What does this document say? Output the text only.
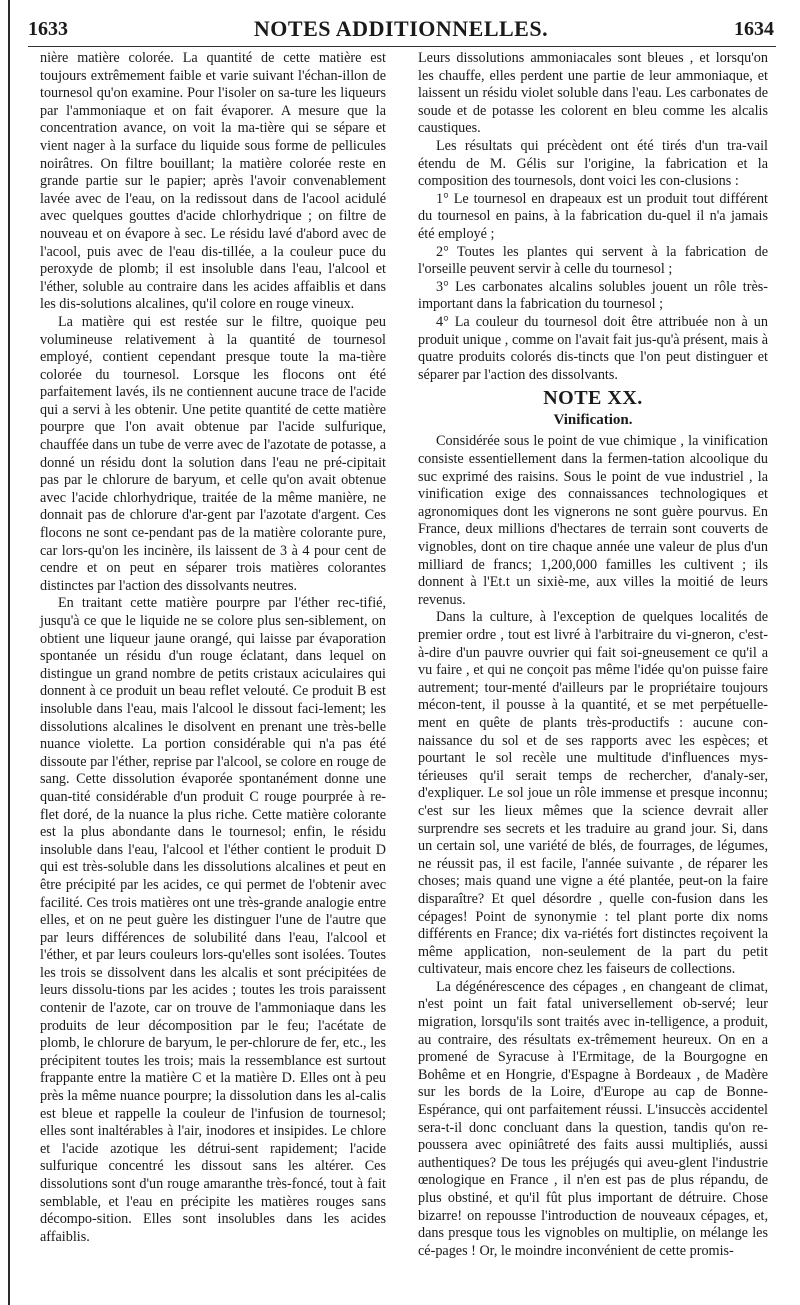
1633	NOTES ADDITIONNELLES.	1634

nière matière colorée. La quantité de cette matière est toujours extrêmement faible et varie suivant l'échan-illon de tournesol qu'on examine. Pour l'isoler on sa-ture les liqueurs par l'ammoniaque et on fait évaporer. A mesure que la concentration avance, on voit la ma-tière qui se sépare et vient nager à la surface du liquide sous forme de pellicules noirâtres. On filtre bouillant; la matière colorée reste en grande partie sur le papier; après l'avoir convenablement lavée avec de l'eau, on la redissout dans de l'acool acidulé avec quelques gouttes d'acide chlorhydrique ; on filtre de nouveau et on évapore à sec. Le résidu lavé d'abord avec de l'acool, puis avec de l'eau dis-tillée, a la couleur puce du peroxyde de plomb; il est insoluble dans l'eau, l'alcool et l'éther, soluble au contraire dans les acides affaiblis et dans les dis-solutions alcalines, qu'il colore en rouge vineux.

La matière qui est restée sur le filtre, quoique peu volumineuse relativement à la quantité de tournesol employé, contient cependant presque toute la ma-tière colorée du tournesol. Lorsque les flocons ont été parfaitement lavés, ils ne contiennent aucune trace de l'acide qui a servi à les obtenir. Une petite quantité de cette matière pourpre que l'on avait obtenue par l'acide sulfurique, chauffée dans un tube de verre avec de l'azotate de potasse, a donné un résidu dont la solution dans l'eau ne pré-cipitait pas par le chlorure de baryum, et celle qu'on avait obtenue avec l'acide chlorhydrique, traitée de la même manière, ne donnait pas de chlorure d'ar-gent par l'azotate d'argent. Ces flocons ne sont ce-pendant pas de la matière colorante pure, car lors-qu'on les incinère, ils laissent de 3 à 4 pour cent de cendre et on peut en séparer trois matières colorantes distinctes par l'action des dissolvants neutres.

En traitant cette matière pourpre par l'éther rec-tifié, jusqu'à ce que le liquide ne se colore plus sen-siblement, on obtient une liqueur jaune orangé, qui laisse par évaporation spontanée un résidu d'un rouge éclatant, dans lequel on distingue un grand nombre de petits cristaux aciculaires qui donnent à ce produit un beau reflet velouté. Ce produit B est insoluble dans l'eau, mais l'alcool le dissout faci-lement; les dissolutions alcalines le disolvent en prenant une très-belle nuance violette. La portion considérable qui n'a pas été dissoute par l'éther, reprise par l'alcool, se colore en rouge de sang. Cette dissolution évaporée spontanément donne une quan-tité considérable d'un produit C rouge pourprée à re-flet doré, de la nuance la plus riche. Cette matière colorante est la plus abondante dans le tournesol; enfin, le résidu insoluble dans l'eau, l'alcool et l'éther contient le produit D qui est très-soluble dans les dissolutions alcalines et peut en être précipité par les acides, ce qui permet de l'obtenir avec facilité. Ces trois matières ont une très-grande analogie entre elles, et on ne peut guère les distinguer l'une de l'autre que par leurs différences de solubilité dans l'eau, l'alcool et l'éther, et par leurs couleurs lors-qu'elles sont isolées. Toutes les trois se dissolvent dans les alcalis et sont précipitées de leurs dissolu-tions par les acides ; toutes les trois paraissent contenir de l'azote, car on trouve de l'ammoniaque dans les produits de leur décomposition par le feu; l'acétate de plomb, le chlorure de baryum, le per-chlorure de fer, etc., les précipitent toutes les trois; mais la ressemblance est surtout frappante entre la matière C et la matière D. Elles ont à peu près la même nuance pourpre; la dissolution dans les al-calis est bleue et rappelle la couleur de l'infusion de tournesol; elles sont inaltérables à l'air, inodores et insipides. Le chlore et l'acide azotique les détrui-sent rapidement; l'acide sulfurique concentré les dissout sans les altérer. Ces dissolutions sont d'un rouge amaranthe très-foncé, tout à fait semblable, et l'eau en précipite les matières rouges sans décompo-sition. Elles sont insolubles dans les acides affaiblis.

Leurs dissolutions ammoniacales sont bleues , et lorsqu'on les chauffe, elles perdent une partie de leur ammoniaque, et laissent un résidu violet soluble dans l'eau. Les carbonates de soude et de potasse les colorent en bleu comme les alcalis caustiques.

Les résultats qui précèdent ont été tirés d'un tra-vail étendu de M. Gélis sur l'origine, la fabrication et la composition des tournesols, dont voici les con-clusions :

1° Le tournesol en drapeaux est un produit tout différent du tournesol en pains, à la fabrication du-quel il n'a jamais été employé ;

2° Toutes les plantes qui servent à la fabrication de l'orseille peuvent servir à celle du tournesol ;

3° Les carbonates alcalins solubles jouent un rôle très-important dans la fabrication du tournesol ;

4° La couleur du tournesol doit être attribuée non à un produit unique , comme on l'avait fait jus-qu'à présent, mais à quatre produits colorés dis-tincts que l'on peut distinguer et séparer par l'action des dissolvants.

NOTE XX.
Vinification.

Considérée sous le point de vue chimique , la vinification consiste essentiellement dans la fermen-tation alcoolique du suc exprimé des raisins. Sous le point de vue industriel , la vinification exige des connaissances technologiques et agronomiques dont les vignerons ne sont guère pourvus. En France, deux millions d'hectares de terrain sont couverts de vignobles, dont on tire chaque année une valeur de plus d'un milliard de francs; 1,200,000 familles les cultivent ; ils donnent à l'Et.t un sixiè-me, aux villes la moitié de leurs revenus.

Dans la culture, à l'exception de quelques localités de premier ordre , tout est livré à l'arbitraire du vi-gneron, c'est-à-dire d'un pauvre ouvrier qui fait soi-gneusement ce qu'il a vu faire , et qui ne conçoit pas même l'idée qu'on puisse faire autrement; tour-menté d'ailleurs par le propriétaire toujours mécon-tent, il pousse à la quantité, et se met perpétuelle-ment en quête de plants très-productifs : aucune con-naissance du sol et de ses rapports avec les espèces; et pourtant le sol recèle une multitude d'influences mys-térieuses qu'il serait temps de rechercher, d'analy-ser, d'expliquer. Le sol joue un rôle immense et presque inconnu; c'est sur les lieux mêmes que la science devrait aller surprendre ses secrets et les traduire au grand jour. Si, dans un certain sol, une variété de blés, de fourrages, de légumes, ne réussit pas, il est facile, l'année suivante , de réparer les choses; mais quand une vigne a été plantée, peut-on la faire disparaître? Et quel désordre , quelle con-fusion dans les cépages! Point de synonymie : tel plant porte dix noms différents en France; dix va-riétés fort distinctes reçoivent la même application, non-seulement de la part du petit cultivateur, mais encore chez les faiseurs de collections.

La dégénérescence des cépages , en changeant de climat, n'est point un fait fatal universellement ob-servé; leur migration, lorsqu'ils sont traités avec in-telligence, a produit, au contraire, des résultats ex-trêmement heureux. On en a promené de Syracuse à l'Ermitage, de la Bourgogne en Bohême et en Hongrie, d'Espagne à Bordeaux , de Madère sur les bords de la Loire, d'Europe au cap de Bonne-Espérance, qui ont parfaitement réussi. L'insuccès accidentel sera-t-il donc concluant dans la question, tandis qu'on re-poussera avec opiniâtreté des faits aussi multipliés, aussi authentiques? De tous les préjugés qui aveu-glent l'industrie œnologique en France , il n'en est pas de plus répandu, de plus obstiné, et qu'il fût plus important de détruire. Chose bizarre! on repousse l'introduction de nouveaux cépages, et, dans presque tous les vignobles on multiplie, on mélange les cé-pages ! Or, le moindre inconvénient de cette promis-
